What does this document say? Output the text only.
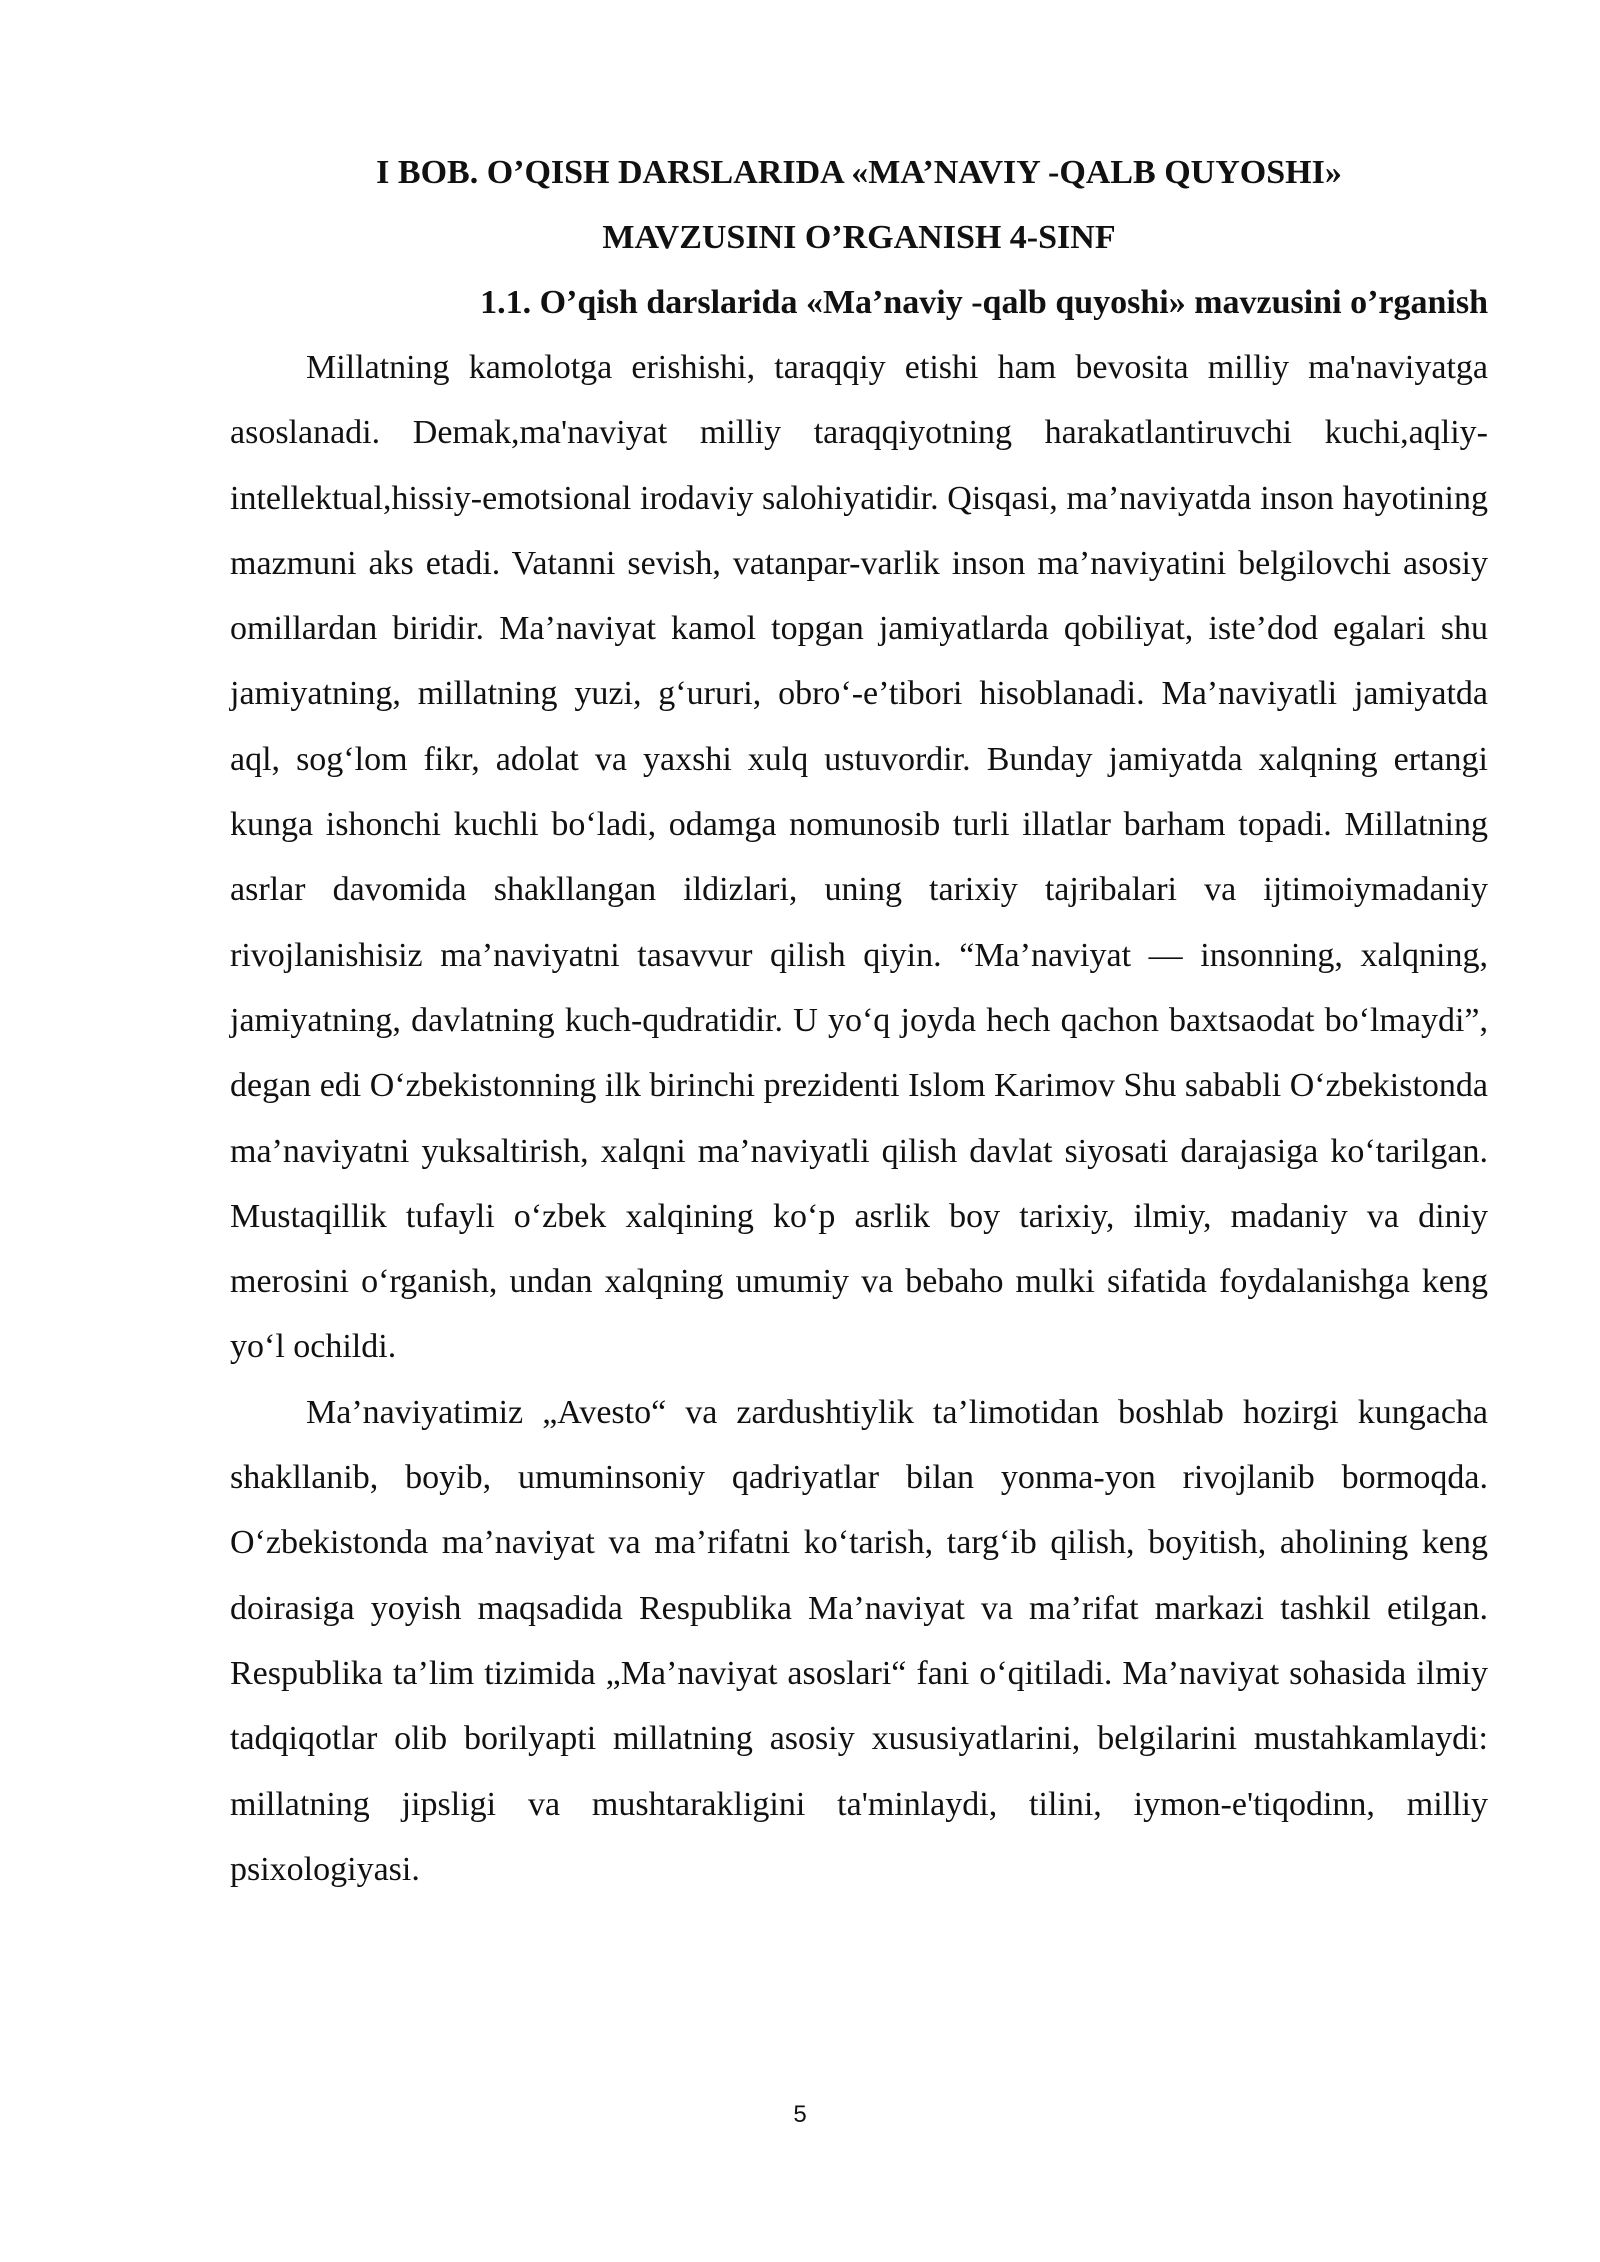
I BOB. O’QISH DARSLARIDA «MA’NAVIY -QALB QUYOSHI»
MAVZUSINI O’RGANISH 4-SINF
1.1. O’qish darslarida «Ma’naviy -qalb quyoshi» mavzusini o’rganish

Millatning kamolotga erishishi, taraqqiy etishi ham bevosita milliy ma'naviyatga asoslanadi. Demak,ma'naviyat milliy taraqqiyotning harakatlantiruvchi kuchi,aqliy-intellektual,hissiy-emotsional irodaviy salohiyatidir. Qisqasi, ma’naviyatda inson hayotining mazmuni aks etadi. Vatanni sevish, vatanpar-varlik inson ma’naviyatini belgilovchi asosiy omillardan biridir. Ma’naviyat kamol topgan jamiyatlarda qobiliyat, iste’dod egalari shu jamiyatning, millatning yuzi, g‘ururi, obro‘-e’tibori hisoblanadi. Ma’naviyatli jamiyatda aql, sog‘lom fikr, adolat va yaxshi xulq ustuvordir. Bunday jamiyatda xalqning ertangi kunga ishonchi kuchli bo‘ladi, odamga nomunosib turli illatlar barham topadi. Millatning asrlar davomida shakllangan ildizlari, uning tarixiy tajribalari va ijtimoiymadaniy rivojlanishisiz ma’naviyatni tasavvur qilish qiyin. “Ma’naviyat — insonning, xalqning, jamiyatning, davlatning kuch-qudratidir. U yo‘q joyda hech qachon baxtsaodat bo‘lmaydi”, degan edi O‘zbekistonning ilk birinchi prezidenti Islom Karimov Shu sababli O‘zbekistonda ma’naviyatni yuksaltirish, xalqni ma’naviyatli qilish davlat siyosati darajasiga ko‘tarilgan. Mustaqillik tufayli o‘zbek xalqining ko‘p asrlik boy tarixiy, ilmiy, madaniy va diniy merosini o‘rganish, undan xalqning umumiy va bebaho mulki sifatida foydalanishga keng yo‘l ochildi.

Ma’naviyatimiz „Avesto“ va zardushtiylik ta’limotidan boshlab hozirgi kungacha shakllanib, boyib, umuminsoniy qadriyatlar bilan yonma-yon rivojlanib bormoqda. O‘zbekistonda ma’naviyat va ma’rifatni ko‘tarish, targ‘ib qilish, boyitish, aholining keng doirasiga yoyish maqsadida Respublika Ma’naviyat va ma’rifat markazi tashkil etilgan. Respublika ta’lim tizimida „Ma’naviyat asoslari“ fani o‘qitiladi. Ma’naviyat sohasida ilmiy tadqiqotlar olib borilyapti millatning asosiy xususiyatlarini, belgilarini mustahkamlaydi: millatning jipsligi va mushtarakligini ta'minlaydi, tilini, iymon-e'tiqodinn, milliy psixologiyasi.

5
